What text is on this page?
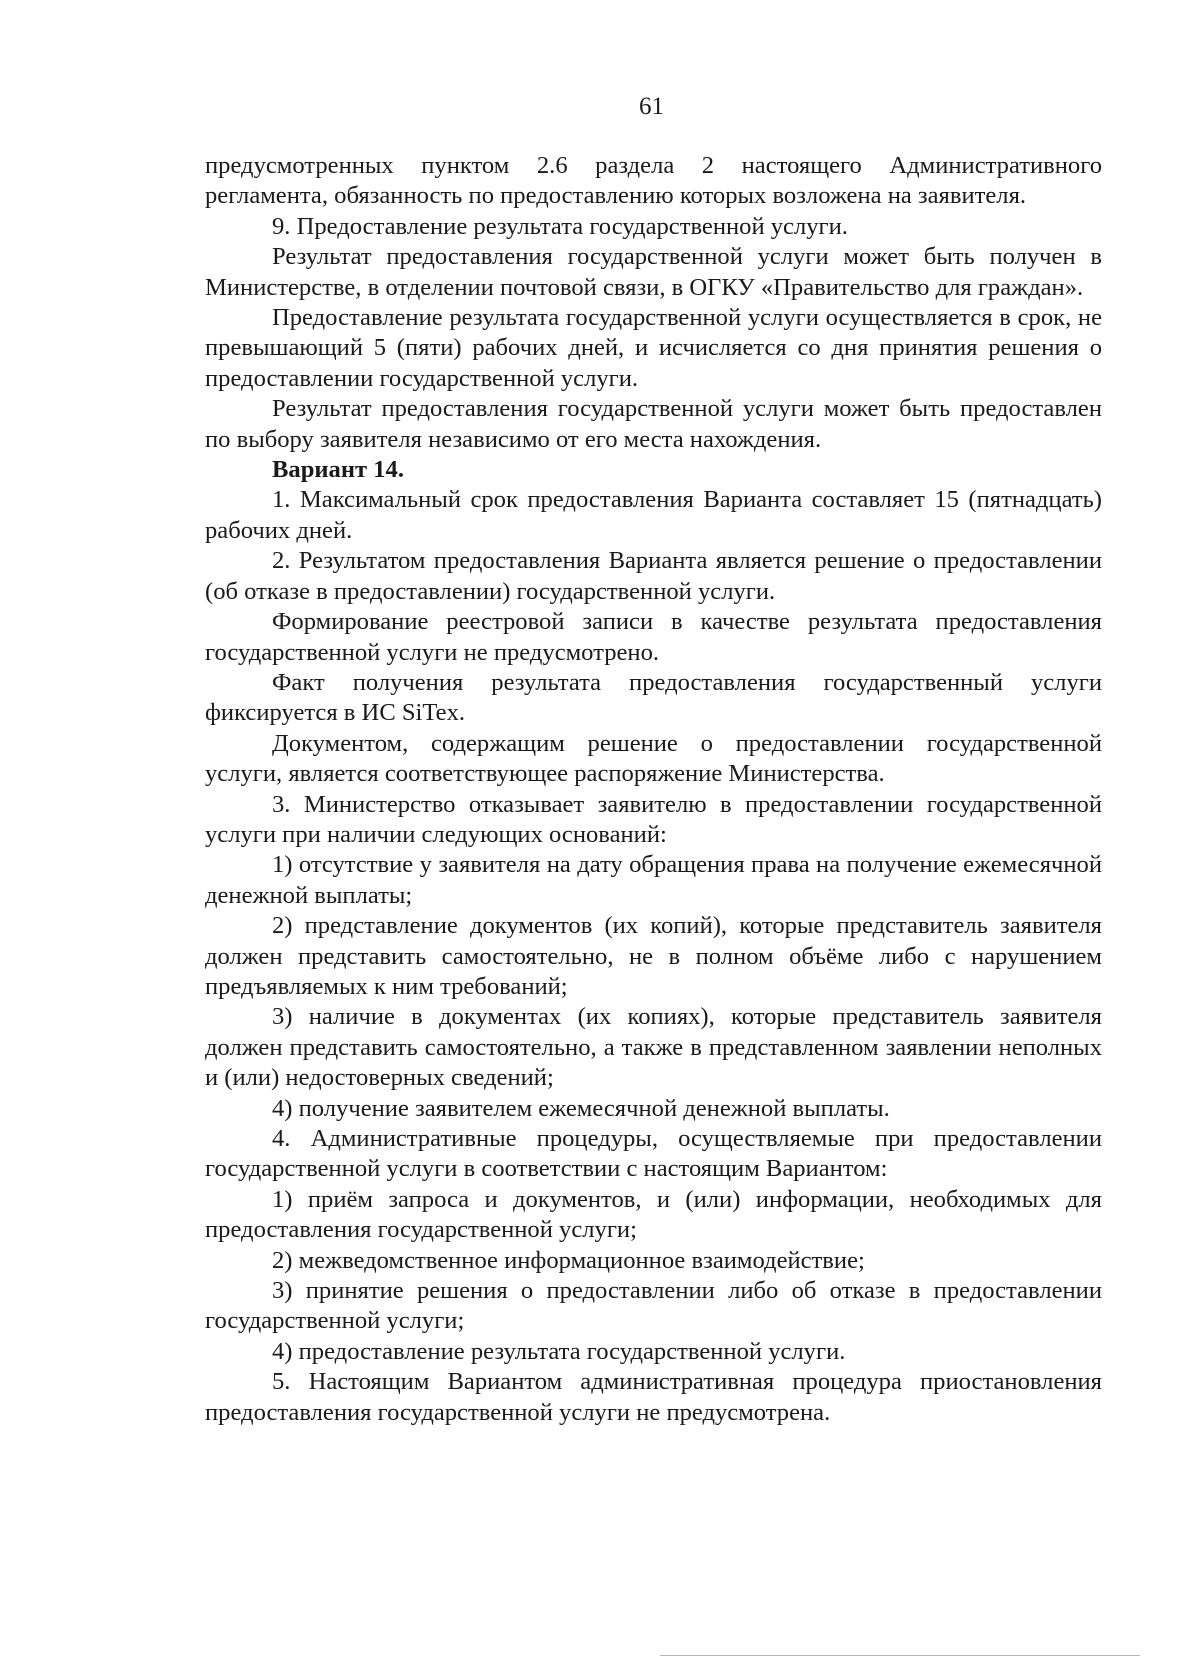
61

предусмотренных пунктом 2.6 раздела 2 настоящего Административного регламента, обязанность по предоставлению которых возложена на заявителя.

9. Предоставление результата государственной услуги.

Результат предоставления государственной услуги может быть получен в Министерстве, в отделении почтовой связи, в ОГКУ «Правительство для граждан».

Предоставление результата государственной услуги осуществляется в срок, не превышающий 5 (пяти) рабочих дней, и исчисляется со дня принятия решения о предоставлении государственной услуги.

Результат предоставления государственной услуги может быть предоставлен по выбору заявителя независимо от его места нахождения.

Вариант 14.

1. Максимальный срок предоставления Варианта составляет 15 (пятнадцать) рабочих дней.

2. Результатом предоставления Варианта является решение о предоставлении (об отказе в предоставлении) государственной услуги.

Формирование реестровой записи в качестве результата предоставления государственной услуги не предусмотрено.

Факт получения результата предоставления государственный услуги фиксируется в ИС SiTex.

Документом, содержащим решение о предоставлении государственной услуги, является соответствующее распоряжение Министерства.

3. Министерство отказывает заявителю в предоставлении государственной услуги при наличии следующих оснований:

1) отсутствие у заявителя на дату обращения права на получение ежемесячной денежной выплаты;

2) представление документов (их копий), которые представитель заявителя должен представить самостоятельно, не в полном объёме либо с нарушением предъявляемых к ним требований;

3) наличие в документах (их копиях), которые представитель заявителя должен представить самостоятельно, а также в представленном заявлении неполных и (или) недостоверных сведений;

4) получение заявителем ежемесячной денежной выплаты.

4. Административные процедуры, осуществляемые при предоставлении государственной услуги в соответствии с настоящим Вариантом:

1) приём запроса и документов, и (или) информации, необходимых для предоставления государственной услуги;

2) межведомственное информационное взаимодействие;

3) принятие решения о предоставлении либо об отказе в предоставлении государственной услуги;

4) предоставление результата государственной услуги.

5. Настоящим Вариантом административная процедура приостановления предоставления государственной услуги не предусмотрена.
